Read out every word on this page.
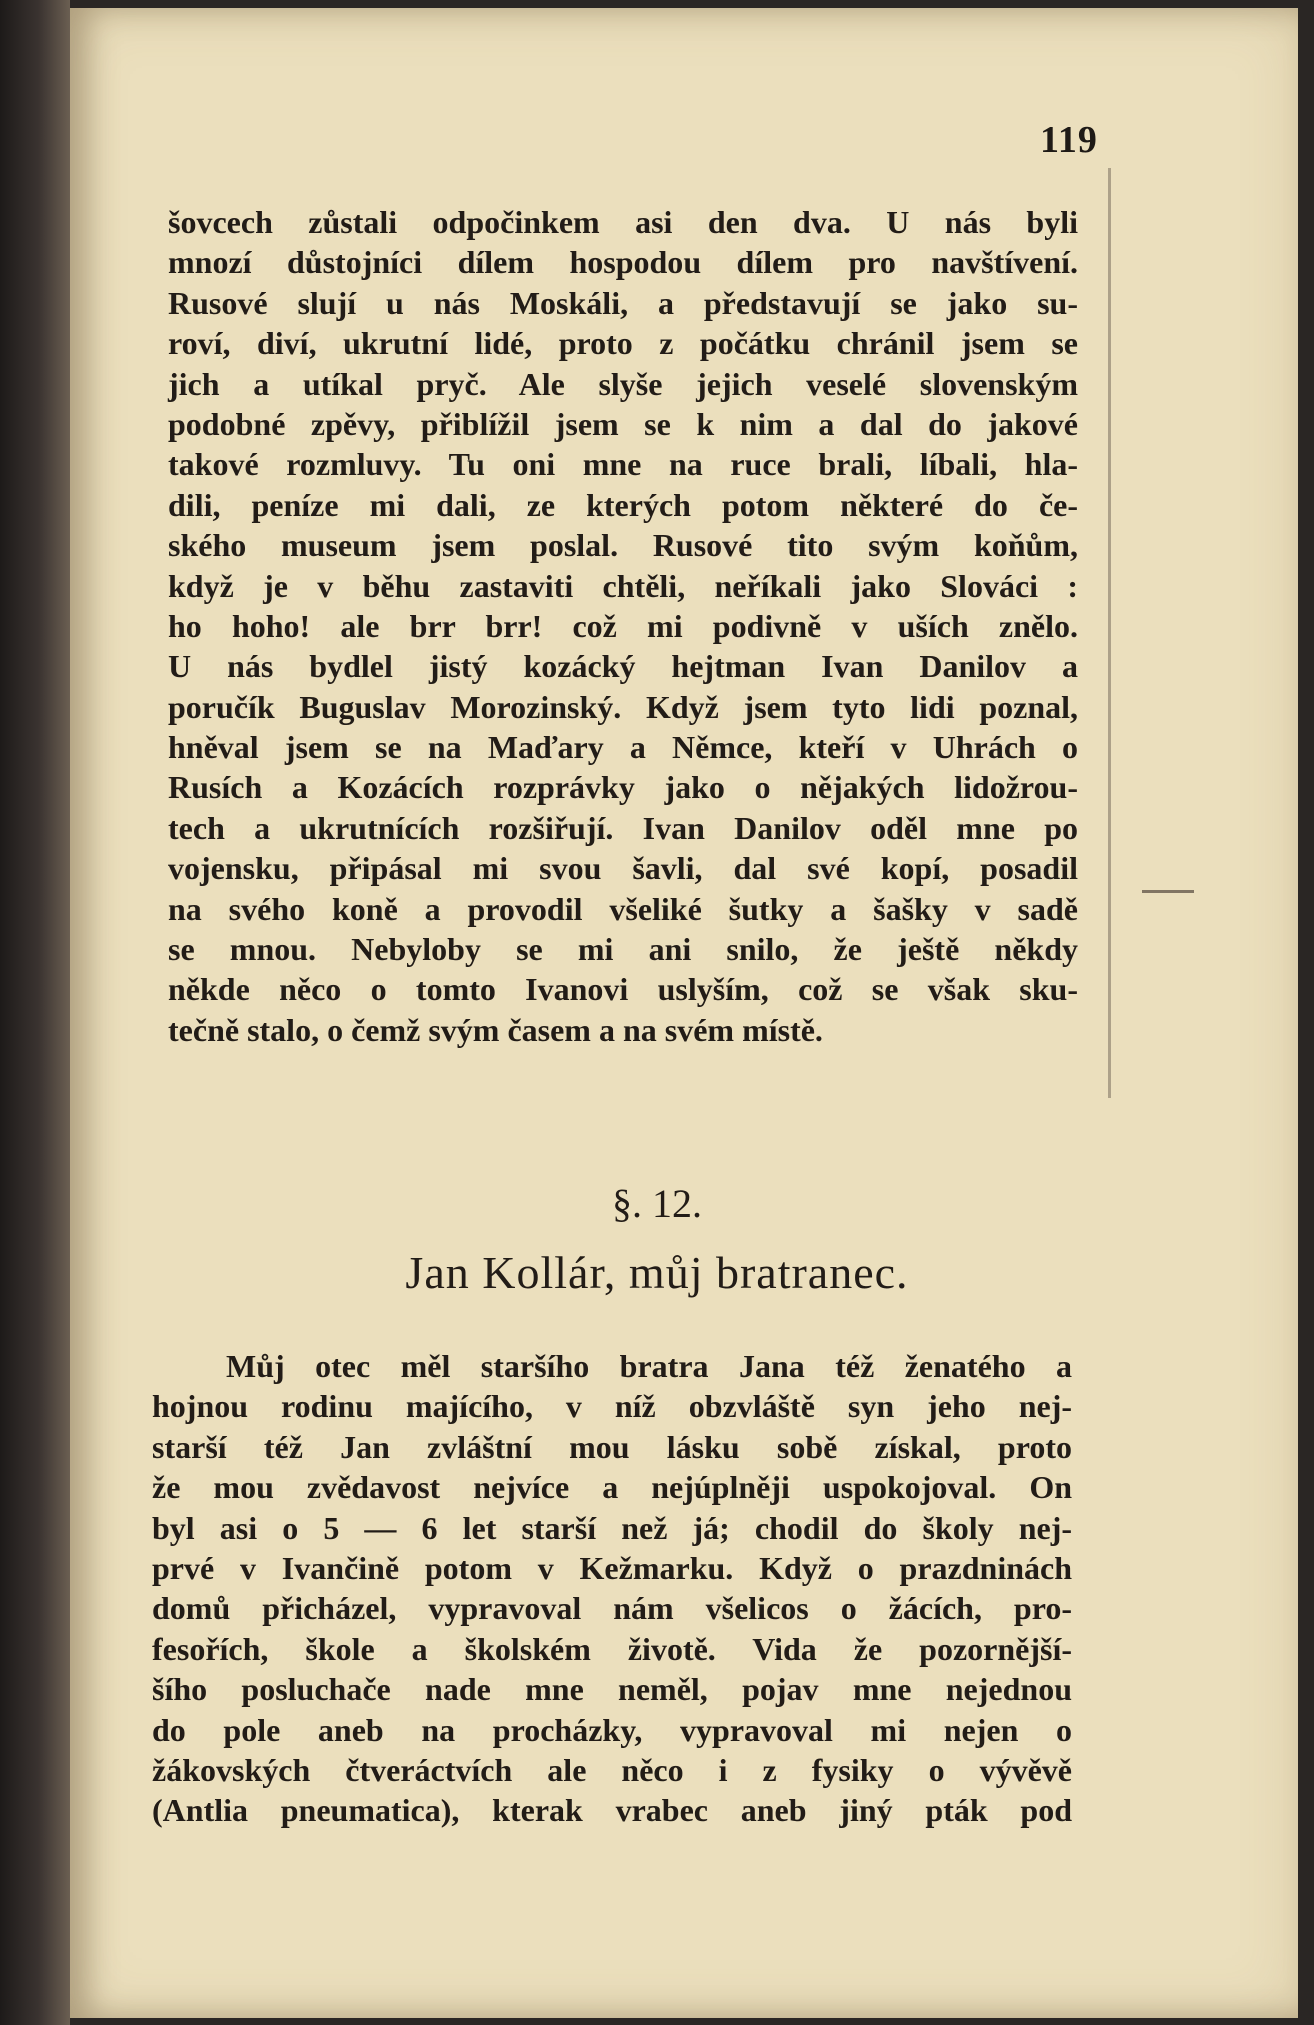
119
šovcech zůstali odpočinkem asi den dva. U nás byli
mnozí důstojníci dílem hospodou dílem pro navštívení.
Rusové slují u nás Moskáli, a představují se jako su-
roví, diví, ukrutní lidé, proto z počátku chránil jsem se
jich a utíkal pryč. Ale slyše jejich veselé slovenským
podobné zpěvy, přiblížil jsem se k nim a dal do jakové
takové rozmluvy. Tu oni mne na ruce brali, líbali, hla-
dili, peníze mi dali, ze kterých potom některé do če-
ského museum jsem poslal. Rusové tito svým koňům,
když je v běhu zastaviti chtěli, neříkali jako Slováci :
ho hoho! ale brr brr! což mi podivně v uších znělo.
U nás bydlel jistý kozácký hejtman Ivan Danilov a
poručík Buguslav Morozinský. Když jsem tyto lidi poznal,
hněval jsem se na Maďary a Němce, kteří v Uhrách o
Rusích a Kozácích rozprávky jako o nějakých lidožrou-
tech a ukrutnících rozšiřují. Ivan Danilov oděl mne po
vojensku, připásal mi svou šavli, dal své kopí, posadil
na svého koně a provodil všeliké šutky a šašky v sadě
se mnou. Nebyloby se mi ani snilo, že ještě někdy
někde něco o tomto Ivanovi uslyším, což se však sku-
tečně stalo, o čemž svým časem a na svém místě.
§. 12.
Jan Kollár, můj bratranec.
Můj otec měl staršího bratra Jana též ženatého a
hojnou rodinu majícího, v níž obzvláště syn jeho nej-
starší též Jan zvláštní mou lásku sobě získal, proto
že mou zvědavost nejvíce a nejúplněji uspokojoval. On
byl asi o 5 — 6 let starší než já; chodil do školy nej-
prvé v Ivančině potom v Kežmarku. Když o prazdninách
domů přicházel, vypravoval nám všelicos o žácích, pro-
fesořích, škole a školském životě. Vida že pozornější-
šího posluchače nade mne neměl, pojav mne nejednou
do pole aneb na procházky, vypravoval mi nejen o
žákovských čtveráctvích ale něco i z fysiky o vývěvě
(Antlia pneumatica), kterak vrabec aneb jiný pták pod
